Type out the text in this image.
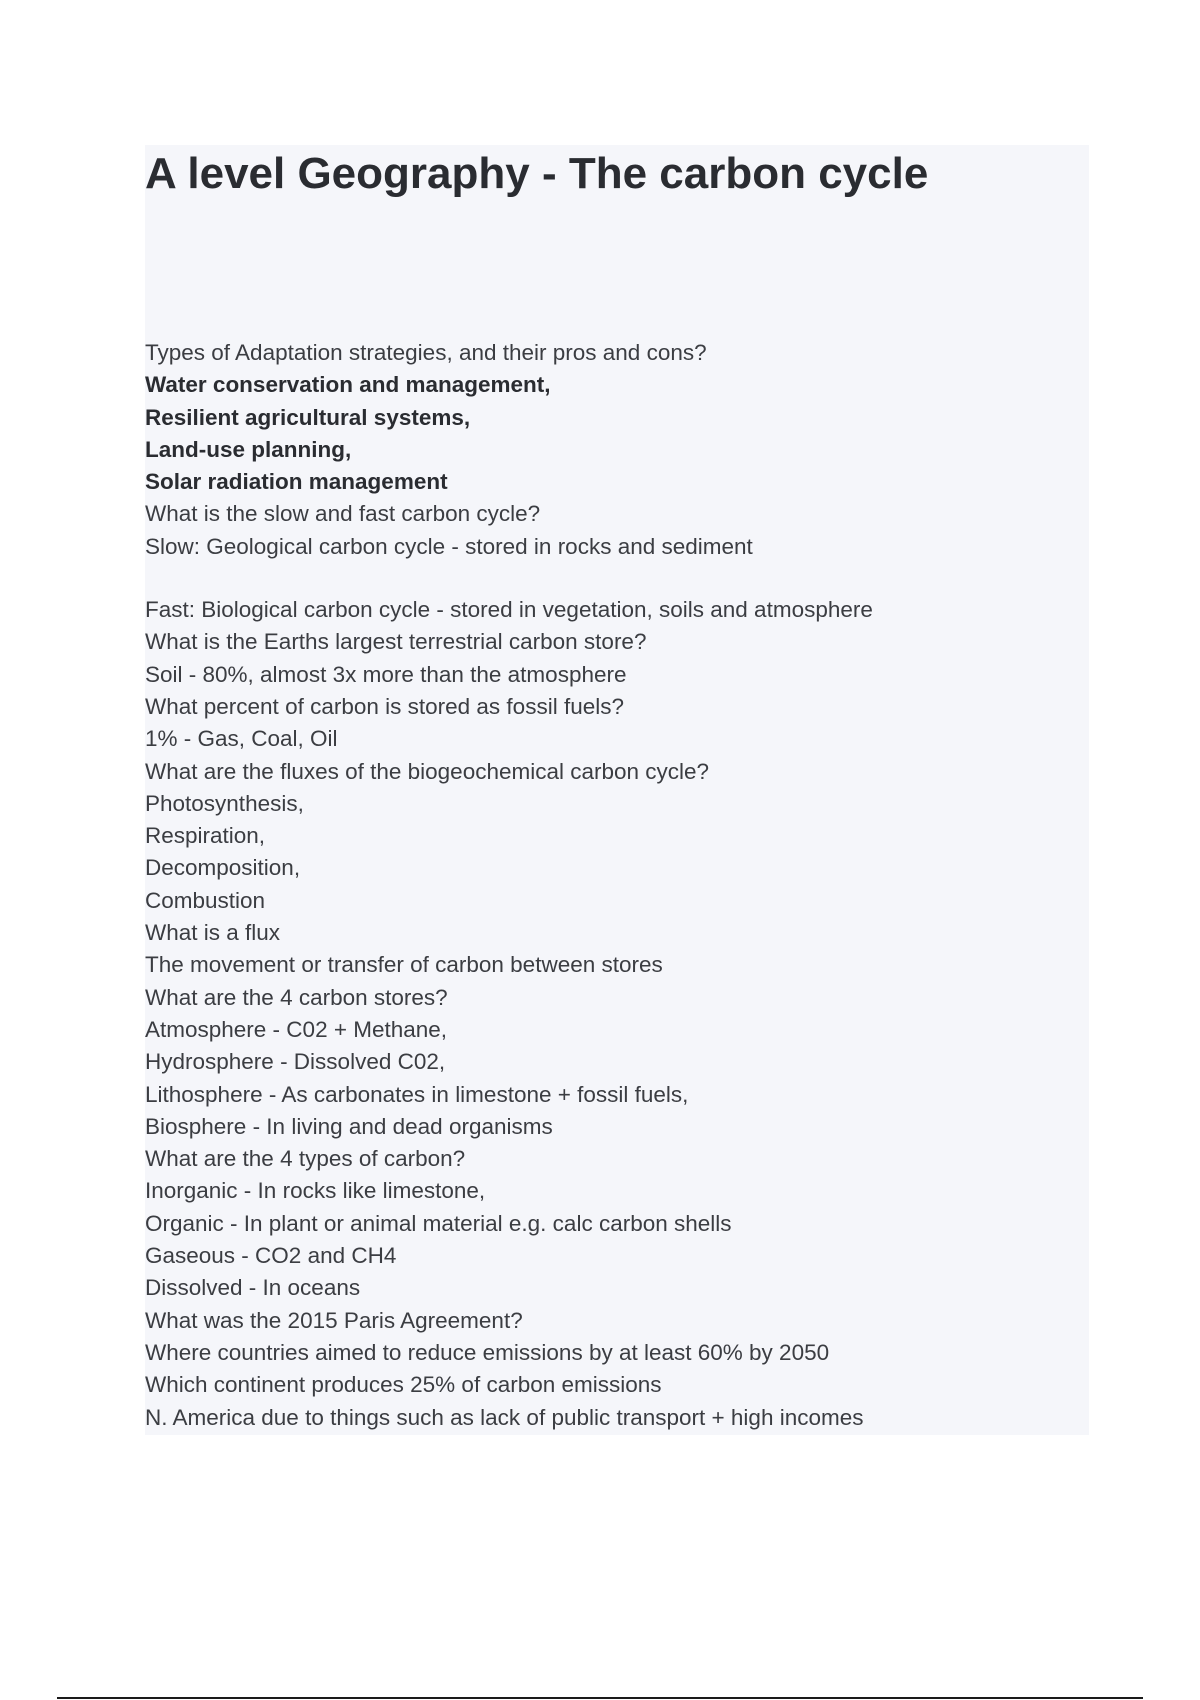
A level Geography - The carbon cycle
Types of Adaptation strategies, and their pros and cons?
Water conservation and management,
Resilient agricultural systems,
Land-use planning,
Solar radiation management
What is the slow and fast carbon cycle?
Slow: Geological carbon cycle - stored in rocks and sediment
Fast: Biological carbon cycle - stored in vegetation, soils and atmosphere
What is the Earths largest terrestrial carbon store?
Soil - 80%, almost 3x more than the atmosphere
What percent of carbon is stored as fossil fuels?
1% - Gas, Coal, Oil
What are the fluxes of the biogeochemical carbon cycle?
Photosynthesis,
Respiration,
Decomposition,
Combustion
What is a flux
The movement or transfer of carbon between stores
What are the 4 carbon stores?
Atmosphere - C02 + Methane,
Hydrosphere - Dissolved C02,
Lithosphere - As carbonates in limestone + fossil fuels,
Biosphere - In living and dead organisms
What are the 4 types of carbon?
Inorganic - In rocks like limestone,
Organic - In plant or animal material e.g. calc carbon shells
Gaseous - CO2 and CH4
Dissolved - In oceans
What was the 2015 Paris Agreement?
Where countries aimed to reduce emissions by at least 60% by 2050
Which continent produces 25% of carbon emissions
N. America due to things such as lack of public transport + high incomes
